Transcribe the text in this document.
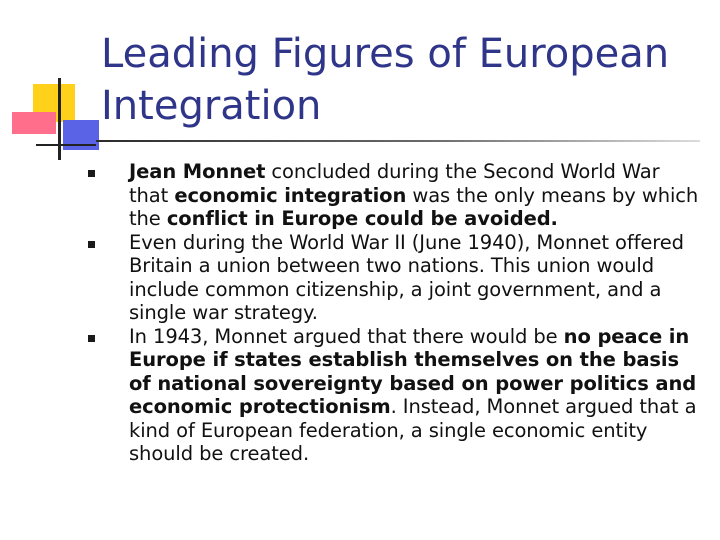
Leading Figures of European Integration
Jean Monnet concluded during the Second World War that economic integration was the only means by which the conflict in Europe could be avoided.
Even during the World War II (June 1940), Monnet offered Britain a union between two nations. This union would include common citizenship, a joint government, and a single war strategy.
In 1943, Monnet argued that there would be no peace in Europe if states establish themselves on the basis of national sovereignty based on power politics and economic protectionism. Instead, Monnet argued that a kind of European federation, a single economic entity should be created.
